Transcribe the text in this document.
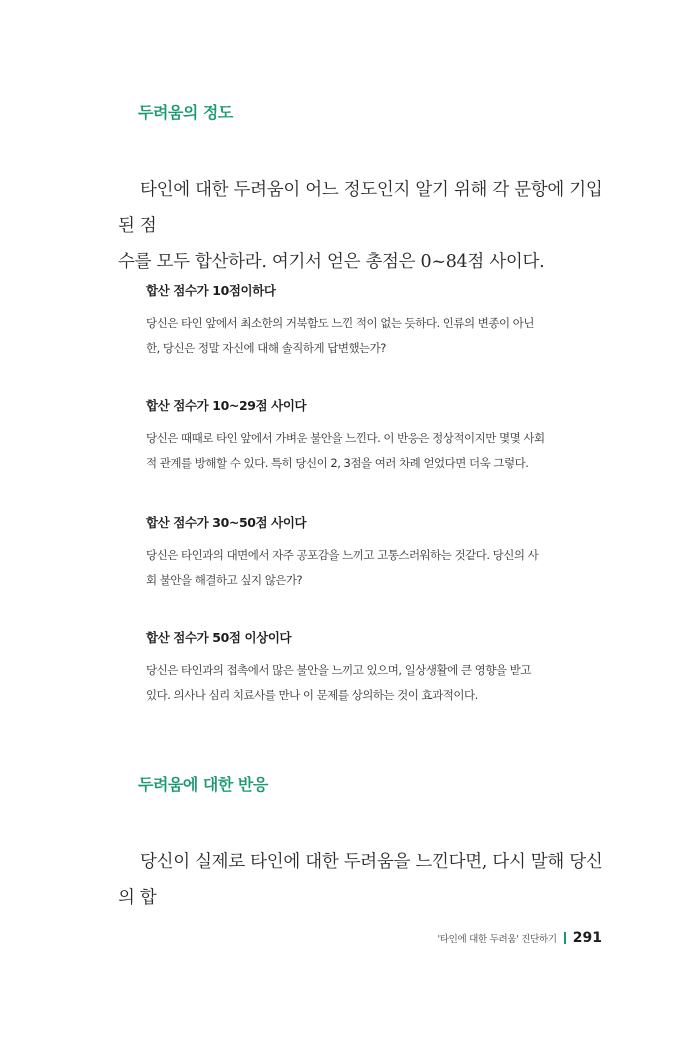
두려움의 정도

타인에 대한 두려움이 어느 정도인지 알기 위해 각 문항에 기입된 점

수를 모두 합산하라. 여기서 얻은 총점은 0~84점 사이다.

합산 점수가 10점이하다

당신은 타인 앞에서 최소한의 거북함도 느낀 적이 없는 듯하다. 인류의 변종이 아닌

한, 당신은 정말 자신에 대해 솔직하게 답변했는가?

합산 점수가 10~29점 사이다

당신은 때때로 타인 앞에서 가벼운 불안을 느낀다. 이 반응은 정상적이지만 몇몇 사회

적 관계를 방해할 수 있다. 특히 당신이 2, 3점을 여러 차례 얻었다면 더욱 그렇다.

합산 점수가 30~50점 사이다

당신은 타인과의 대면에서 자주 공포감을 느끼고 고통스러워하는 것같다. 당신의 사

회 불안을 해결하고 싶지 않은가?

합산 점수가 50점 이상이다

당신은 타인과의 접촉에서 많은 불안을 느끼고 있으며, 일상생활에 큰 영향을 받고

있다. 의사나 심리 치료사를 만나 이 문제를 상의하는 것이 효과적이다.

두려움에 대한 반응

당신이 실제로 타인에 대한 두려움을 느낀다면, 다시 말해 당신의 합

'타인에 대한 두려움' 진단하기 291
